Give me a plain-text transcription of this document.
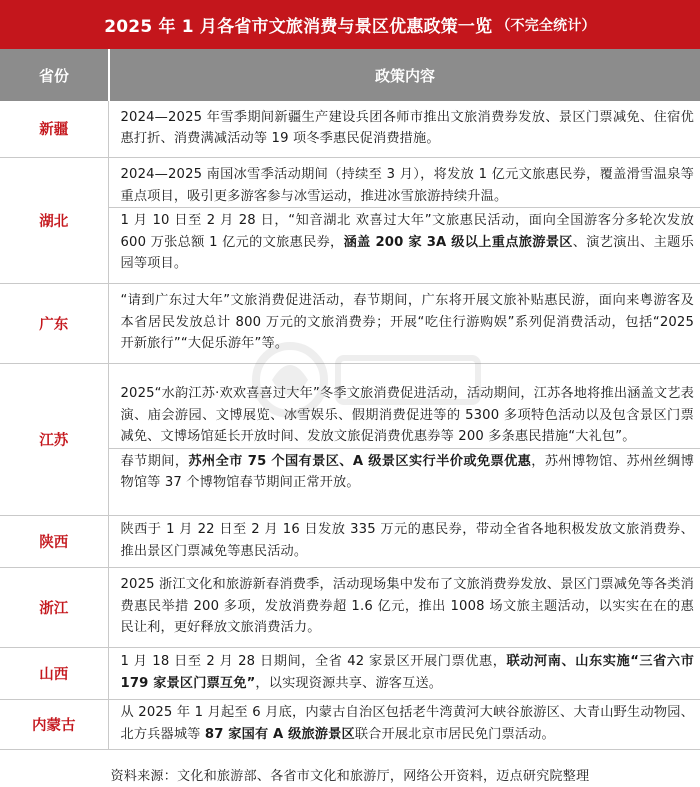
2025 年 1 月各省市文旅消费与景区优惠政策一览 （不完全统计）
省份	政策内容
新疆	2024—2025 年雪季期间新疆生产建设兵团各师市推出文旅消费券发放、景区门票减免、住宿优惠打折、消费满减活动等 19 项冬季惠民促消费措施。

湖北	2024—2025 南国冰雪季活动期间（持续至 3 月），将发放 1 亿元文旅惠民券，覆盖滑雪温泉等重点项目，吸引更多游客参与冰雪运动，推进冰雪旅游持续升温。
1 月 10 日至 2 月 28 日，“知音湖北 欢喜过大年”文旅惠民活动，面向全国游客分多轮次发放 600 万张总额 1 亿元的文旅惠民券，涵盖 200 家 3A 级以上重点旅游景区、演艺演出、主题乐园等项目。

广东	“请到广东过大年”文旅消费促进活动，春节期间，广东将开展文旅补贴惠民游，面向来粤游客及本省居民发放总计 800 万元的文旅消费券；开展“吃住行游购娱”系列促消费活动，包括“2025 开新旅行”“大促乐游年”等。

江苏	2025“水韵江苏·欢欢喜喜过大年”冬季文旅消费促进活动，活动期间，江苏各地将推出涵盖文艺表演、庙会游园、文博展览、冰雪娱乐、假期消费促进等的 5300 多项特色活动以及包含景区门票减免、文博场馆延长开放时间、发放文旅促消费优惠券等 200 多条惠民措施“大礼包”。
春节期间，苏州全市 75 个国有景区、A 级景区实行半价或免票优惠，苏州博物馆、苏州丝绸博物馆等 37 个博物馆春节期间正常开放。

陕西	陕西于 1 月 22 日至 2 月 16 日发放 335 万元的惠民券，带动全省各地积极发放文旅消费券、推出景区门票减免等惠民活动。

浙江	2025 浙江文化和旅游新春消费季，活动现场集中发布了文旅消费券发放、景区门票减免等各类消费惠民举措 200 多项，发放消费券超 1.6 亿元，推出 1008 场文旅主题活动，以实实在在的惠民让利，更好释放文旅消费活力。

山西	1 月 18 日至 2 月 28 日期间，全省 42 家景区开展门票优惠，联动河南、山东实施“三省六市 179 家景区门票互免”，以实现资源共享、游客互送。

内蒙古	从 2025 年 1 月起至 6 月底，内蒙古自治区包括老牛湾黄河大峡谷旅游区、大青山野生动物园、北方兵器城等 87 家国有 A 级旅游景区联合开展北京市居民免门票活动。
资料来源：文化和旅游部、各省市文化和旅游厅，网络公开资料，迈点研究院整理
